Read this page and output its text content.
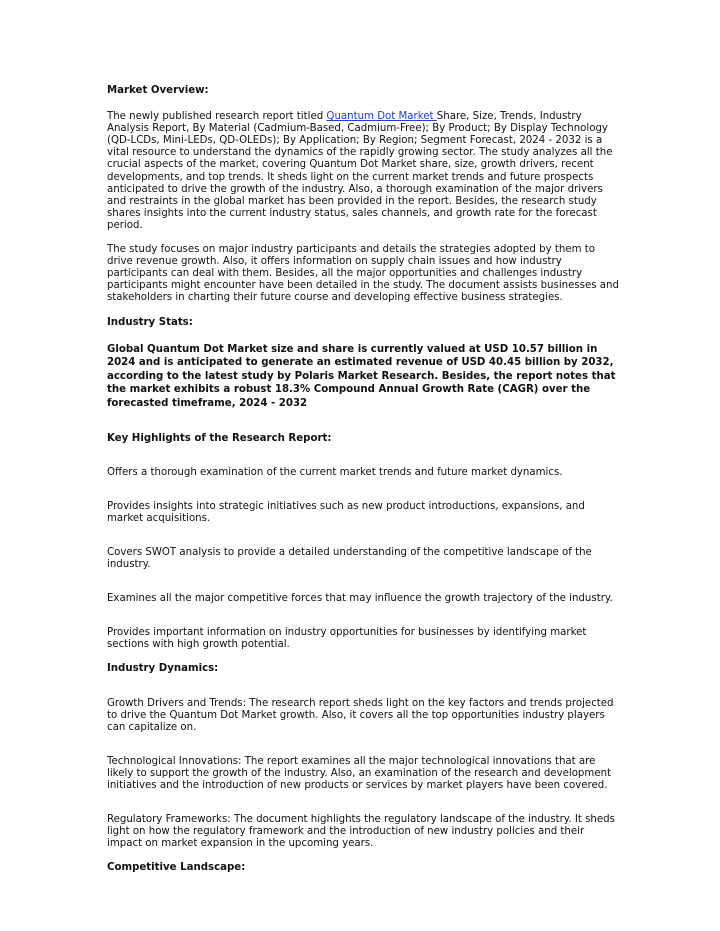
Market Overview:

The newly published research report titled Quantum Dot Market Share, Size, Trends, Industry Analysis Report, By Material (Cadmium-Based, Cadmium-Free); By Product; By Display Technology (QD-LCDs, Mini-LEDs, QD-OLEDs); By Application; By Region; Segment Forecast, 2024 - 2032 is a vital resource to understand the dynamics of the rapidly growing sector. The study analyzes all the crucial aspects of the market, covering Quantum Dot Market share, size, growth drivers, recent developments, and top trends. It sheds light on the current market trends and future prospects anticipated to drive the growth of the industry. Also, a thorough examination of the major drivers and restraints in the global market has been provided in the report. Besides, the research study shares insights into the current industry status, sales channels, and growth rate for the forecast period.

The study focuses on major industry participants and details the strategies adopted by them to drive revenue growth. Also, it offers information on supply chain issues and how industry participants can deal with them. Besides, all the major opportunities and challenges industry participants might encounter have been detailed in the study. The document assists businesses and stakeholders in charting their future course and developing effective business strategies.

Industry Stats:

Global Quantum Dot Market size and share is currently valued at USD 10.57 billion in 2024 and is anticipated to generate an estimated revenue of USD 40.45 billion by 2032, according to the latest study by Polaris Market Research. Besides, the report notes that the market exhibits a robust 18.3% Compound Annual Growth Rate (CAGR) over the forecasted timeframe, 2024 - 2032

Key Highlights of the Research Report:

Offers a thorough examination of the current market trends and future market dynamics.

Provides insights into strategic initiatives such as new product introductions, expansions, and market acquisitions.

Covers SWOT analysis to provide a detailed understanding of the competitive landscape of the industry.

Examines all the major competitive forces that may influence the growth trajectory of the industry.

Provides important information on industry opportunities for businesses by identifying market sections with high growth potential.

Industry Dynamics:

Growth Drivers and Trends: The research report sheds light on the key factors and trends projected to drive the Quantum Dot Market growth. Also, it covers all the top opportunities industry players can capitalize on.

Technological Innovations: The report examines all the major technological innovations that are likely to support the growth of the industry. Also, an examination of the research and development initiatives and the introduction of new products or services by market players have been covered.

Regulatory Frameworks: The document highlights the regulatory landscape of the industry. It sheds light on how the regulatory framework and the introduction of new industry policies and their impact on market expansion in the upcoming years.

Competitive Landscape:
